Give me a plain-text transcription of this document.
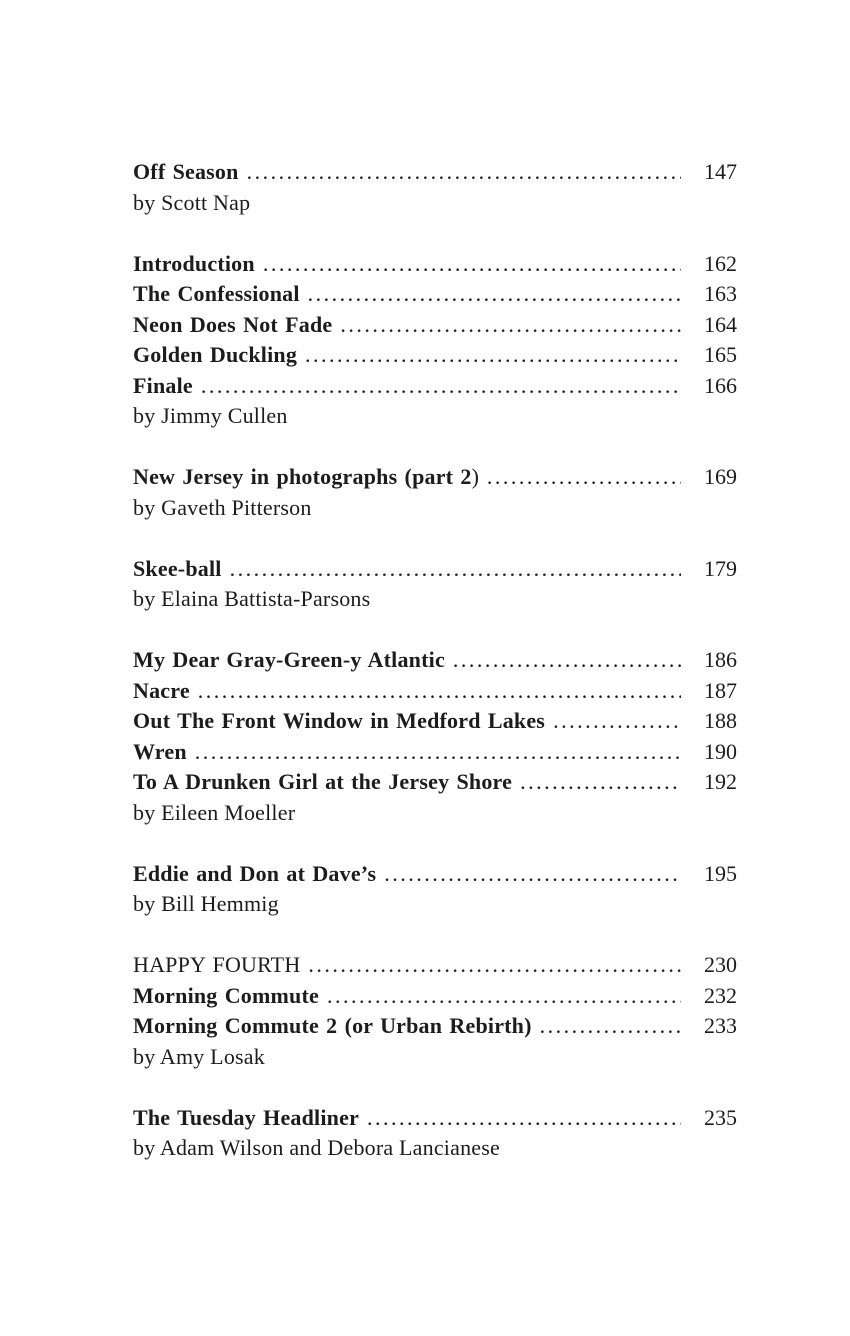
Off Season .....	147
by Scott Nap
Introduction .....	162
The Confessional .....	163
Neon Does Not Fade .....	164
Golden Duckling .....	165
Finale .....	166
by Jimmy Cullen
New Jersey in photographs (part 2 ) .....	169
by Gaveth Pitterson
Skee-ball .....	179
by Elaina Battista-Parsons
My Dear Gray-Green-y Atlantic .....	186
Nacre .....	187
Out The Front Window in Medford Lakes .....	188
Wren .....	190
To A Drunken Girl at the Jersey Shore .....	192
by Eileen Moeller
Eddie and Don at Dave’s .....	195
by Bill Hemmig
HAPPY FOURTH .....	230
Morning Commute .....	232
Morning Commute 2 (or Urban Rebirth) .....	233
by Amy Losak
The Tuesday Headliner .....	235
by Adam Wilson and Debora Lancianese
